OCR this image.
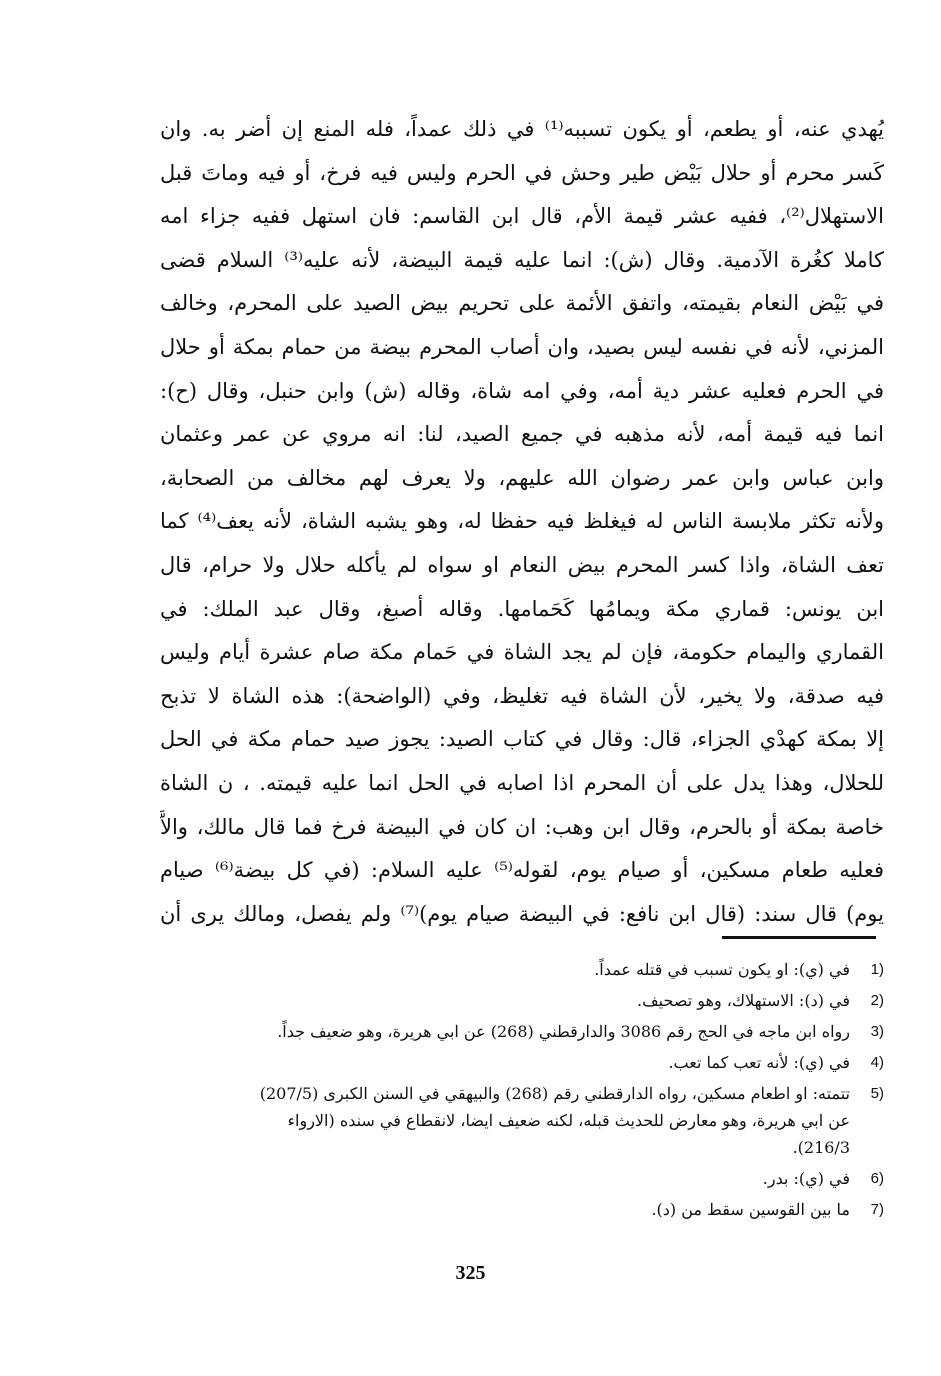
يُهدي عنه، أو يطعم، أو يكون تسببه⁽¹⁾ في ذلك عمداً، فله المنع إن أضر به. وان
كَسر محرم أو حلال بَيْض طير وحش في الحرم وليس فيه فرخ، أو فيه وماتَ قبل
الاستهلال⁽²⁾، ففيه عشر قيمة الأم، قال ابن القاسم: فان استهل ففيه جزاء امه
كاملا كغُرة الآدمية. وقال (ش): انما عليه قيمة البيضة، لأنه عليه⁽³⁾ السلام قضى
في بَيْض النعام بقيمته، واتفق الأئمة على تحريم بيض الصيد على المحرم، وخالف
المزني، لأنه في نفسه ليس بصيد، وان أصاب المحرم بيضة من حمام بمكة أو حلال
في الحرم فعليه عشر دية أمه، وفي امه شاة، وقاله (ش) وابن حنبل، وقال (ح):
انما فيه قيمة أمه، لأنه مذهبه في جميع الصيد، لنا: انه مروي عن عمر وعثمان
وابن عباس وابن عمر رضوان الله عليهم، ولا يعرف لهم مخالف من الصحابة،
ولأنه تكثر ملابسة الناس له فيغلظ فيه حفظا له، وهو يشبه الشاة، لأنه يعف⁽⁴⁾ كما
تعف الشاة، واذا كسر المحرم بيض النعام او سواه لم يأكله حلال ولا حرام، قال
ابن يونس: قماري مكة ويمامُها كَحَمامها. وقاله أصبغ، وقال عبد الملك: في
القماري واليمام حكومة، فإن لم يجد الشاة في حَمام مكة صام عشرة أيام وليس
فيه صدقة، ولا يخير، لأن الشاة فيه تغليظ، وفي (الواضحة): هذه الشاة لا تذبح
إلا بمكة كهدْي الجزاء، قال: وقال في كتاب الصيد: يجوز صيد حمام مكة في الحل
للحلال، وهذا يدل على أن المحرم اذا اصابه في الحل انما عليه قيمته. ، ن الشاة
خاصة بمكة أو بالحرم، وقال ابن وهب: ان كان في البيضة فرخ فما قال مالك، والاَّ
فعليه طعام مسكين، أو صيام يوم، لقوله⁽⁵⁾ عليه السلام: (في كل بيضة⁽⁶⁾ صيام
يوم) قال سند: (قال ابن نافع: في البيضة صيام يوم)⁽⁷⁾ ولم يفصل، ومالك يرى أن
1)
في (ي): او يكون تسبب في قتله عمداً.
2)
في (د): الاستهلاك، وهو تصحيف.
3)
رواه ابن ماجه في الحج رقم 3086 والدارقطني (268) عن ابي هريرة، وهو ضعيف جداً.
4)
في (ي): لأنه تعب كما تعب.
5)
تتمته: او اطعام مسكين، رواه الدارقطني رقم (268) والبيهقي في السنن الكبرى (207/5)
عن ابي هريرة، وهو معارض للحديث قبله، لكنه ضعيف ايضا، لانقطاع في سنده (الارواء
216/3).
6)
في (ي): بدر.
7)
ما بين القوسين سقط من (د).
325
